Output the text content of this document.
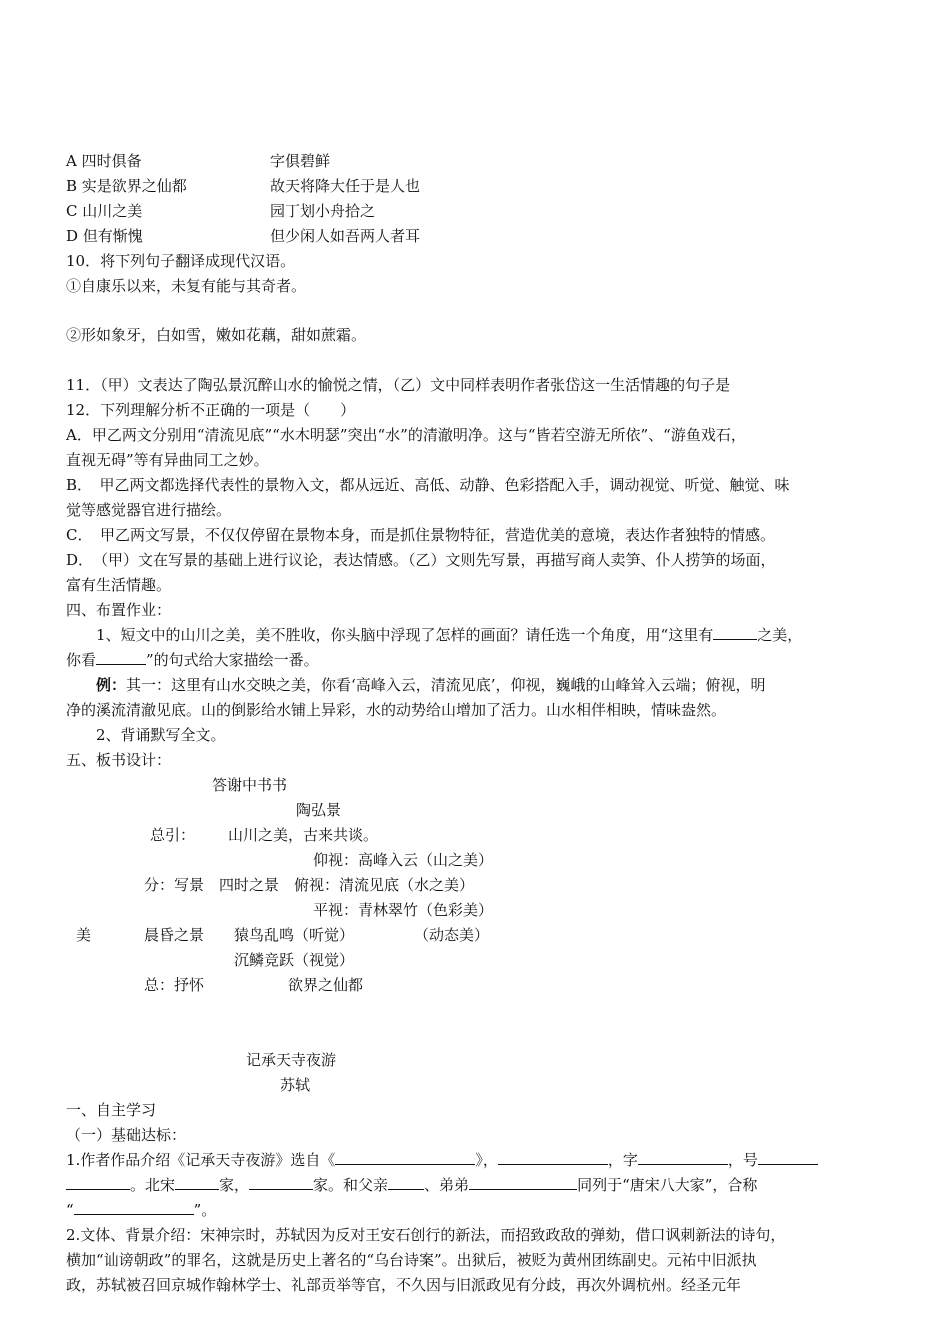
A 四时俱备	字俱碧鲜
B 实是欲界之仙都	故天将降大任于是人也
C 山川之美	园丁划小舟拾之
D 但有惭愧	但少闲人如吾两人者耳
10．将下列句子翻译成现代汉语。
①自康乐以来，未复有能与其奇者。
②形如象牙，白如雪，嫩如花藕，甜如蔗霜。
11．（甲）文表达了陶弘景沉醉山水的愉悦之情，（乙）文中同样表明作者张岱这一生活情趣的句子是
12．下列理解分析不正确的一项是（　　）
A．甲乙两文分别用“清流见底”“水木明瑟”突出“水”的清澈明净。这与“皆若空游无所依”、“游鱼戏石，
直视无碍”等有异曲同工之妙。
B．　甲乙两文都选择代表性的景物入文，都从远近、高低、动静、色彩搭配入手，调动视觉、听觉、触觉、味
觉等感觉器官进行描绘。
C．　甲乙两文写景，不仅仅停留在景物本身，而是抓住景物特征，营造优美的意境，表达作者独特的情感。
D．　（甲）文在写景的基础上进行议论，表达情感。（乙）文则先写景，再描写商人卖笋、仆人捞笋的场面，
富有生活情趣。
四、布置作业：
1、短文中的山川之美，美不胜收，你头脑中浮现了怎样的画面？请任选一个角度，用“这里有	之美，
你看	”的句式给大家描绘一番。
例：其一：这里有山水交映之美，你看‘高峰入云，清流见底’，仰视，巍峨的山峰耸入云端；俯视，明
净的溪流清澈见底。山的倒影给水铺上异彩，水的动势给山增加了活力。山水相伴相映，情味盎然。
2、背诵默写全文。
五、板书设计：
答谢中书书
陶弘景
总引： 山川之美，古来共谈。
仰视：高峰入云（山之美）
分：写景　四时之景　俯视：清流见底（水之美）
平视：青林翠竹（色彩美）
美	晨昏之景 猿鸟乱鸣（听觉）	（动态美）
沉鳞竞跃（视觉）
总：抒怀	欲界之仙都
记承天寺夜游
苏轼
一、自主学习
（一）基础达标：
1.作者作品介绍《记承天寺夜游》选自《	》，	，字	，号
。北宋	家，	家。和父亲 、弟弟	同列于“唐宋八大家”，合称
“	”。
2.文体、背景介绍：宋神宗时，苏轼因为反对王安石创行的新法，而招致政敌的弹劾，借口讽刺新法的诗句，
横加“讪谤朝政”的罪名，这就是历史上著名的“乌台诗案”。出狱后，被贬为黄州团练副史。元祐中旧派执
政，苏轼被召回京城作翰林学士、礼部贡举等官，不久因与旧派政见有分歧，再次外调杭州。经圣元年
